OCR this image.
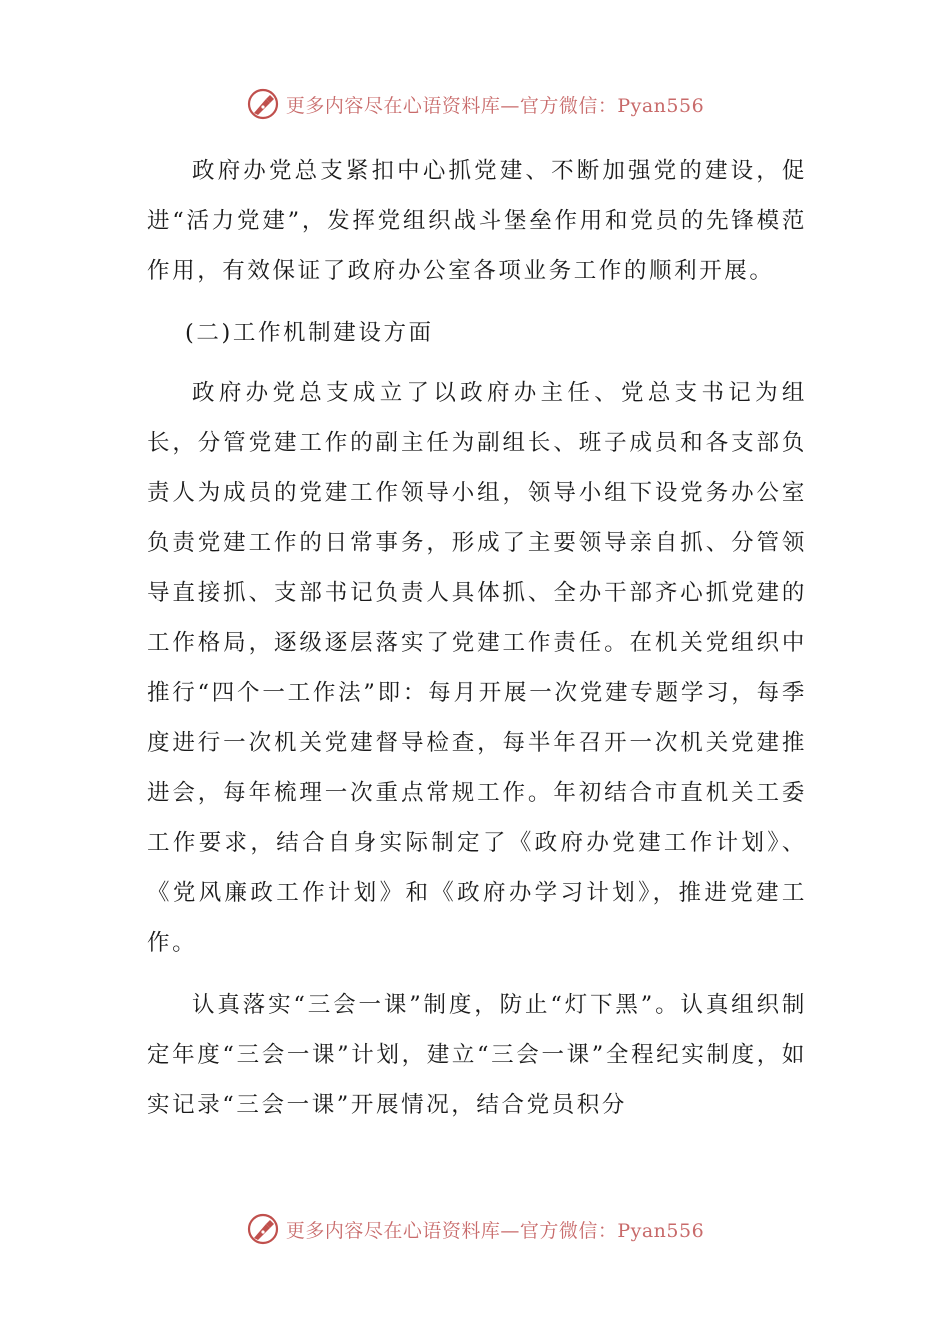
更多内容尽在心语资料库—官方微信：Pyan556

政府办党总支紧扣中心抓党建、不断加强党的建设，促进“活力党建”，发挥党组织战斗堡垒作用和党员的先锋模范作用，有效保证了政府办公室各项业务工作的顺利开展。

(二)工作机制建设方面

政府办党总支成立了以政府办主任、党总支书记为组长，分管党建工作的副主任为副组长、班子成员和各支部负责人为成员的党建工作领导小组，领导小组下设党务办公室负责党建工作的日常事务，形成了主要领导亲自抓、分管领导直接抓、支部书记负责人具体抓、全办干部齐心抓党建的工作格局，逐级逐层落实了党建工作责任。在机关党组织中推行“四个一工作法”即：每月开展一次党建专题学习，每季度进行一次机关党建督导检查，每半年召开一次机关党建推进会，每年梳理一次重点常规工作。年初结合市直机关工委工作要求，结合自身实际制定了《政府办党建工作计划》、《党风廉政工作计划》和《政府办学习计划》，推进党建工作。

认真落实“三会一课”制度，防止“灯下黑”。认真组织制定年度“三会一课”计划，建立“三会一课”全程纪实制度，如实记录“三会一课”开展情况，结合党员积分

更多内容尽在心语资料库—官方微信：Pyan556
